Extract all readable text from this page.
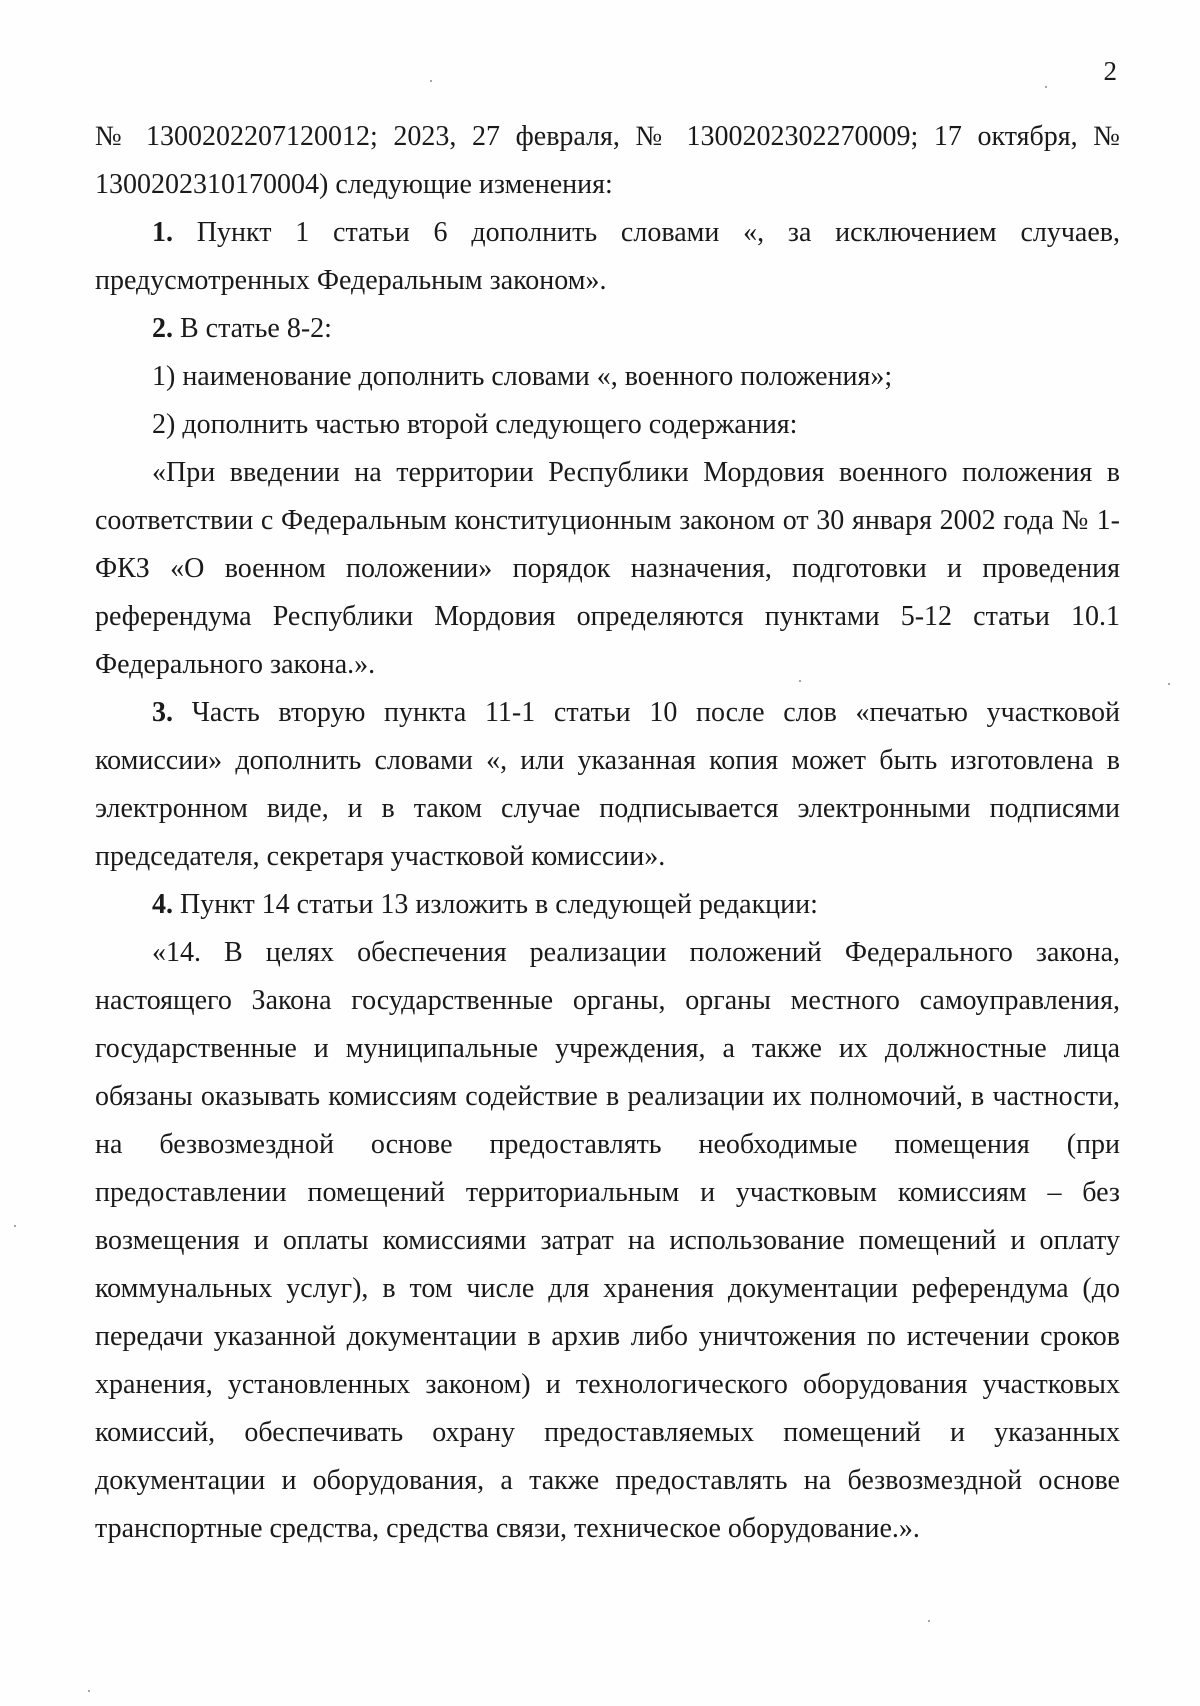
2

№ 1300202207120012; 2023, 27 февраля, № 1300202302270009; 17 октября, № 1300202310170004) следующие изменения:

1. Пункт 1 статьи 6 дополнить словами «, за исключением случаев, предусмотренных Федеральным законом».

2. В статье 8-2:

1) наименование дополнить словами «, военного положения»;

2) дополнить частью второй следующего содержания:

«При введении на территории Республики Мордовия военного положения в соответствии с Федеральным конституционным законом от 30 января 2002 года № 1-ФКЗ «О военном положении» порядок назначения, подготовки и проведения референдума Республики Мордовия определяются пунктами 5-12 статьи 10.1 Федерального закона.».

3. Часть вторую пункта 11-1 статьи 10 после слов «печатью участковой комиссии» дополнить словами «, или указанная копия может быть изготовлена в электронном виде, и в таком случае подписывается электронными подписями председателя, секретаря участковой комиссии».

4. Пункт 14 статьи 13 изложить в следующей редакции:

«14. В целях обеспечения реализации положений Федерального закона, настоящего Закона государственные органы, органы местного самоуправления, государственные и муниципальные учреждения, а также их должностные лица обязаны оказывать комиссиям содействие в реализации их полномочий, в частности, на безвозмездной основе предоставлять необходимые помещения (при предоставлении помещений территориальным и участковым комиссиям – без возмещения и оплаты комиссиями затрат на использование помещений и оплату коммунальных услуг), в том числе для хранения документации референдума (до передачи указанной документации в архив либо уничтожения по истечении сроков хранения, установленных законом) и технологического оборудования участковых комиссий, обеспечивать охрану предоставляемых помещений и указанных документации и оборудования, а также предоставлять на безвозмездной основе транспортные средства, средства связи, техническое оборудование.».
